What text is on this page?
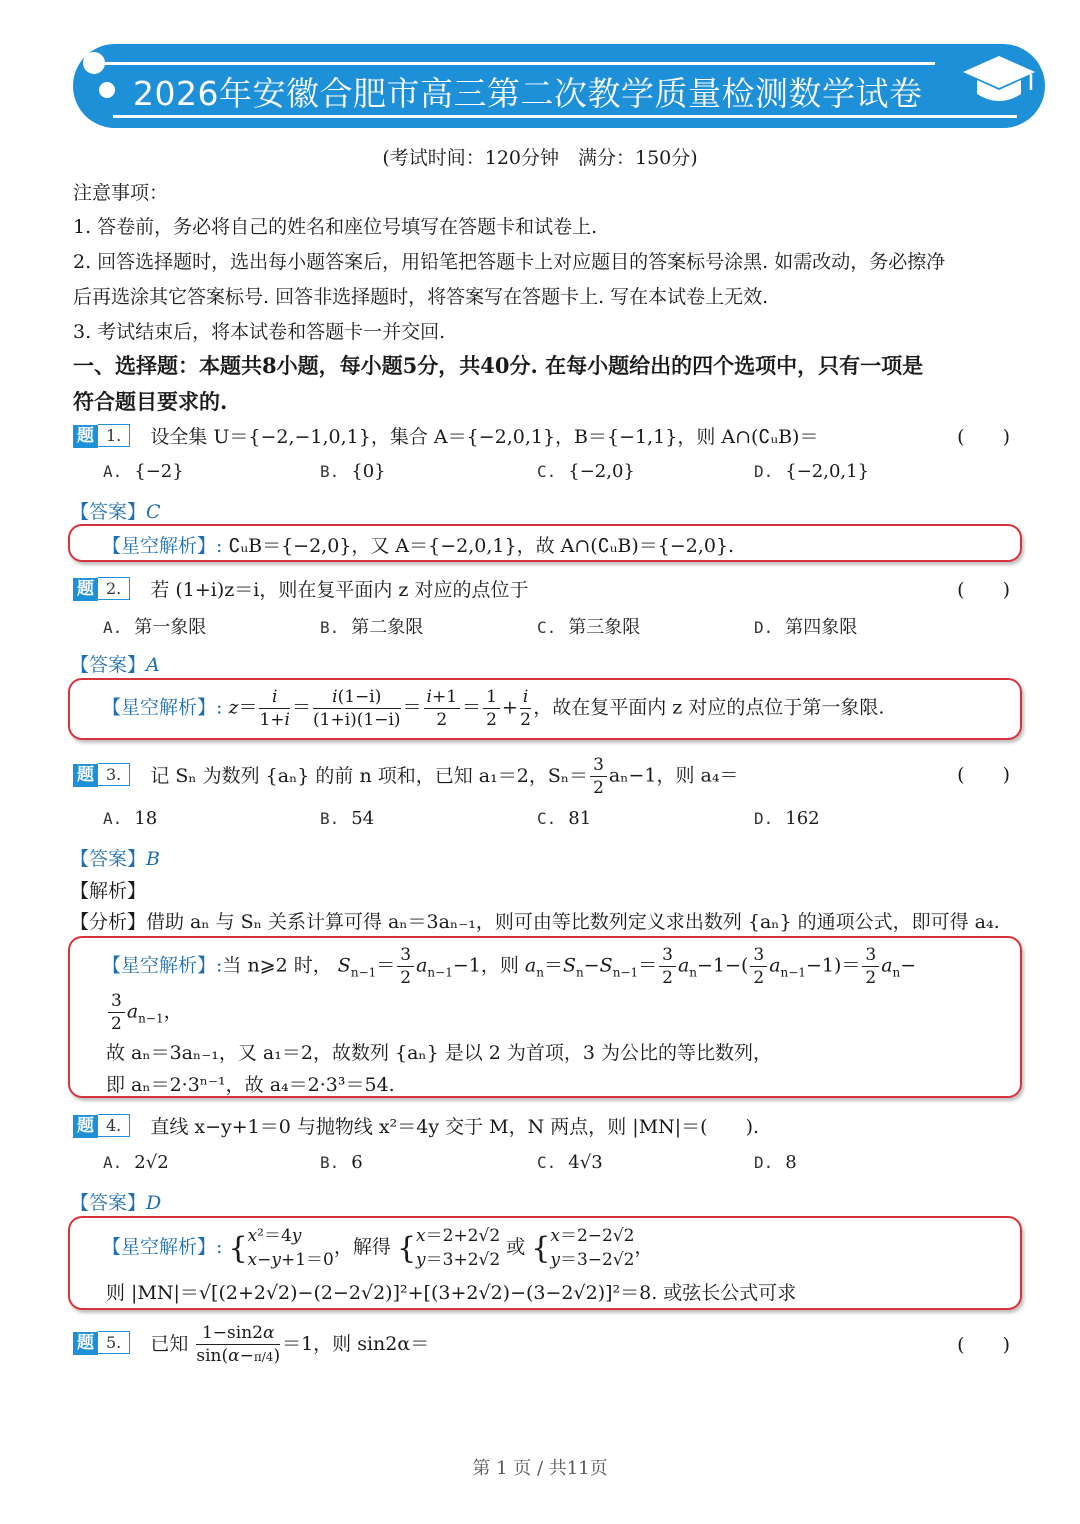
2026年安徽合肥市高三第二次教学质量检测数学试卷
(考试时间：120分钟　满分：150分)
注意事项：
1. 答卷前，务必将自己的姓名和座位号填写在答题卡和试卷上.
2. 回答选择题时，选出每小题答案后，用铅笔把答题卡上对应题目的答案标号涂黑. 如需改动，务必擦净
后再选涂其它答案标号. 回答非选择题时，将答案写在答题卡上. 写在本试卷上无效.
3. 考试结束后，将本试卷和答题卡一并交回.
一、选择题：本题共8小题，每小题5分，共40分. 在每小题给出的四个选项中，只有一项是
符合题目要求的.
题 1. 设全集 U＝{−2,−1,0,1}，集合 A＝{−2,0,1}，B＝{−1,1}，则 A∩(∁ᵤB)＝	(　　)
A. {−2}	B. {0}	C. {−2,0}	D. {−2,0,1}
【答案】C
【星空解析】: ∁ᵤB＝{−2,0}，又 A＝{−2,0,1}，故 A∩(∁ᵤB)＝{−2,0}.
题 2. 若 (1+i)z＝i，则在复平面内 z 对应的点位于	(　　)
A. 第一象限	B. 第二象限	C. 第三象限	D. 第四象限
【答案】A
【星空解析】: $z= \frac{i}{1+i} = \frac{i(1-i)}{(1+i)(1-i)} = \frac{i+1}{2} = \frac{1}{2} + \frac{i}{2}$ ，故在复平面内 z 对应的点位于第一象限.
题 3. 记 Sₙ 为数列 {aₙ} 的前 n 项和，已知 a₁＝2，$S_n= \frac{3}{2} a_n-1$，则 a₄＝	(　　)
A. 18	B. 54	C. 81	D. 162
【答案】B
【解析】
【分析】借助 aₙ 与 Sₙ 关系计算可得 aₙ＝3aₙ₋₁，则可由等比数列定义求出数列 {aₙ} 的通项公式，即可得 a₄.
【星空解析】:当 n⩾2 时， $S_{n-1}= \frac{3}{2} a_{n-1}-1$，则 $a_n=S_n-S_{n-1}= \frac{3}{2} a_n-1-( \frac{3}{2} a_{n-1}-1)= \frac{3}{2} a_n-$
$\frac{3}{2} a_{n-1}$，
故 aₙ＝3aₙ₋₁，又 a₁＝2，故数列 {aₙ} 是以 2 为首项，3 为公比的等比数列，
即 aₙ＝2·3ⁿ⁻¹，故 a₄＝2·3³＝54.
题 4. 直线 x−y+1＝0 与抛物线 x²＝4y 交于 M，N 两点，则 |MN|＝(　　).
A. 2√2	B. 6	C. 4√3	D. 8
【答案】D
【星空解析】: {x²＝4y
x−y+1＝0，解得 {x＝2+2√2
y＝3+2√2 或 {x＝2−2√2
y＝3−2√2，
则 |MN|＝√[(2+2√2)−(2−2√2)]²+[(3+2√2)−(3−2√2)]²＝8. 或弦长公式可求
题 5. 已知 $\frac{1-\sin 2\alpha}{\sin(\alpha-\pi/4)} =1$，则 sin2α＝	(　　)
第 1 页 / 共11页
